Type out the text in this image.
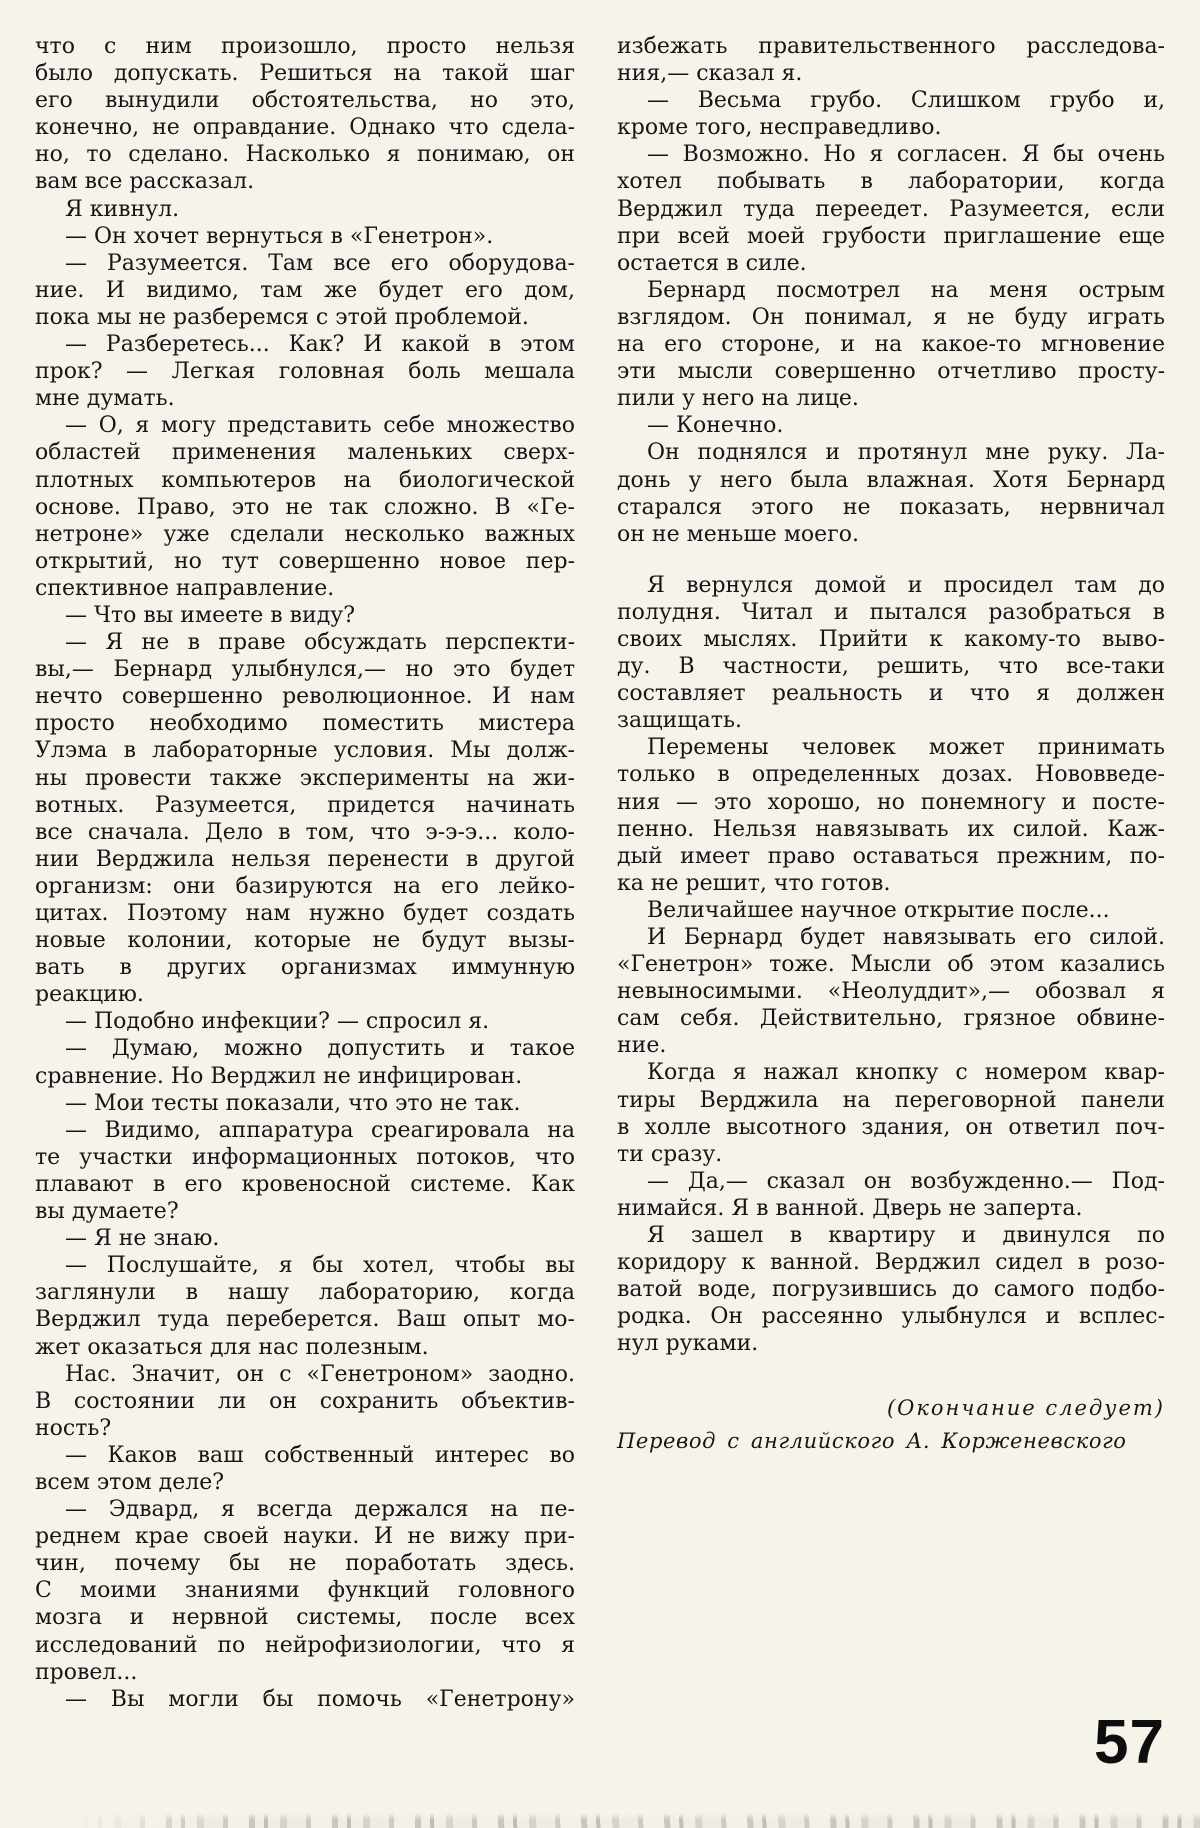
что с ним произошло, просто нельзя
было допускать. Решиться на такой шаг
его вынудили обстоятельства, но это,
конечно, не оправдание. Однако что сдела-
но, то сделано. Насколько я понимаю, он
вам все рассказал.
Я кивнул.
— Он хочет вернуться в «Генетрон».
— Разумеется. Там все его оборудова-
ние. И видимо, там же будет его дом,
пока мы не разберемся с этой проблемой.
— Разберетесь... Как? И какой в этом
прок? — Легкая головная боль мешала
мне думать.
— О, я могу представить себе множество
областей применения маленьких сверх-
плотных компьютеров на биологической
основе. Право, это не так сложно. В «Ге-
нетроне» уже сделали несколько важных
открытий, но тут совершенно новое пер-
спективное направление.
— Что вы имеете в виду?
— Я не в праве обсуждать перспекти-
вы,— Бернард улыбнулся,— но это будет
нечто совершенно революционное. И нам
просто необходимо поместить мистера
Улэма в лабораторные условия. Мы долж-
ны провести также эксперименты на жи-
вотных. Разумеется, придется начинать
все сначала. Дело в том, что э-э-э... коло-
нии Верджила нельзя перенести в другой
организм: они базируются на его лейко-
цитах. Поэтому нам нужно будет создать
новые колонии, которые не будут вызы-
вать в других организмах иммунную
реакцию.
— Подобно инфекции? — спросил я.
— Думаю, можно допустить и такое
сравнение. Но Верджил не инфицирован.
— Мои тесты показали, что это не так.
— Видимо, аппаратура среагировала на
те участки информационных потоков, что
плавают в его кровеносной системе. Как
вы думаете?
— Я не знаю.
— Послушайте, я бы хотел, чтобы вы
заглянули в нашу лабораторию, когда
Верджил туда переберется. Ваш опыт мо-
жет оказаться для нас полезным.
Нас. Значит, он с «Генетроном» заодно.
В состоянии ли он сохранить объектив-
ность?
— Каков ваш собственный интерес во
всем этом деле?
— Эдвард, я всегда держался на пе-
реднем крае своей науки. И не вижу при-
чин, почему бы не поработать здесь.
С моими знаниями функций головного
мозга и нервной системы, после всех
исследований по нейрофизиологии, что я
провел...
— Вы могли бы помочь «Генетрону»
избежать правительственного расследова-
ния,— сказал я.
— Весьма грубо. Слишком грубо и,
кроме того, несправедливо.
— Возможно. Но я согласен. Я бы очень
хотел побывать в лаборатории, когда
Верджил туда переедет. Разумеется, если
при всей моей грубости приглашение еще
остается в силе.
Бернард посмотрел на меня острым
взглядом. Он понимал, я не буду играть
на его стороне, и на какое-то мгновение
эти мысли совершенно отчетливо просту-
пили у него на лице.
— Конечно.
Он поднялся и протянул мне руку. Ла-
донь у него была влажная. Хотя Бернард
старался этого не показать, нервничал
он не меньше моего.
Я вернулся домой и просидел там до
полудня. Читал и пытался разобраться в
своих мыслях. Прийти к какому-то выво-
ду. В частности, решить, что все-таки
составляет реальность и что я должен
защищать.
Перемены человек может принимать
только в определенных дозах. Нововведе-
ния — это хорошо, но понемногу и посте-
пенно. Нельзя навязывать их силой. Каж-
дый имеет право оставаться прежним, по-
ка не решит, что готов.
Величайшее научное открытие после...
И Бернард будет навязывать его силой.
«Генетрон» тоже. Мысли об этом казались
невыносимыми. «Неолуддит»,— обозвал я
сам себя. Действительно, грязное обвине-
ние.
Когда я нажал кнопку с номером квар-
тиры Верджила на переговорной панели
в холле высотного здания, он ответил поч-
ти сразу.
— Да,— сказал он возбужденно.— Под-
нимайся. Я в ванной. Дверь не заперта.
Я зашел в квартиру и двинулся по
коридору к ванной. Верджил сидел в розо-
ватой воде, погрузившись до самого подбо-
родка. Он рассеянно улыбнулся и всплес-
нул руками.
(Окончание следует)
Перевод с английского А. Корженевского
57
